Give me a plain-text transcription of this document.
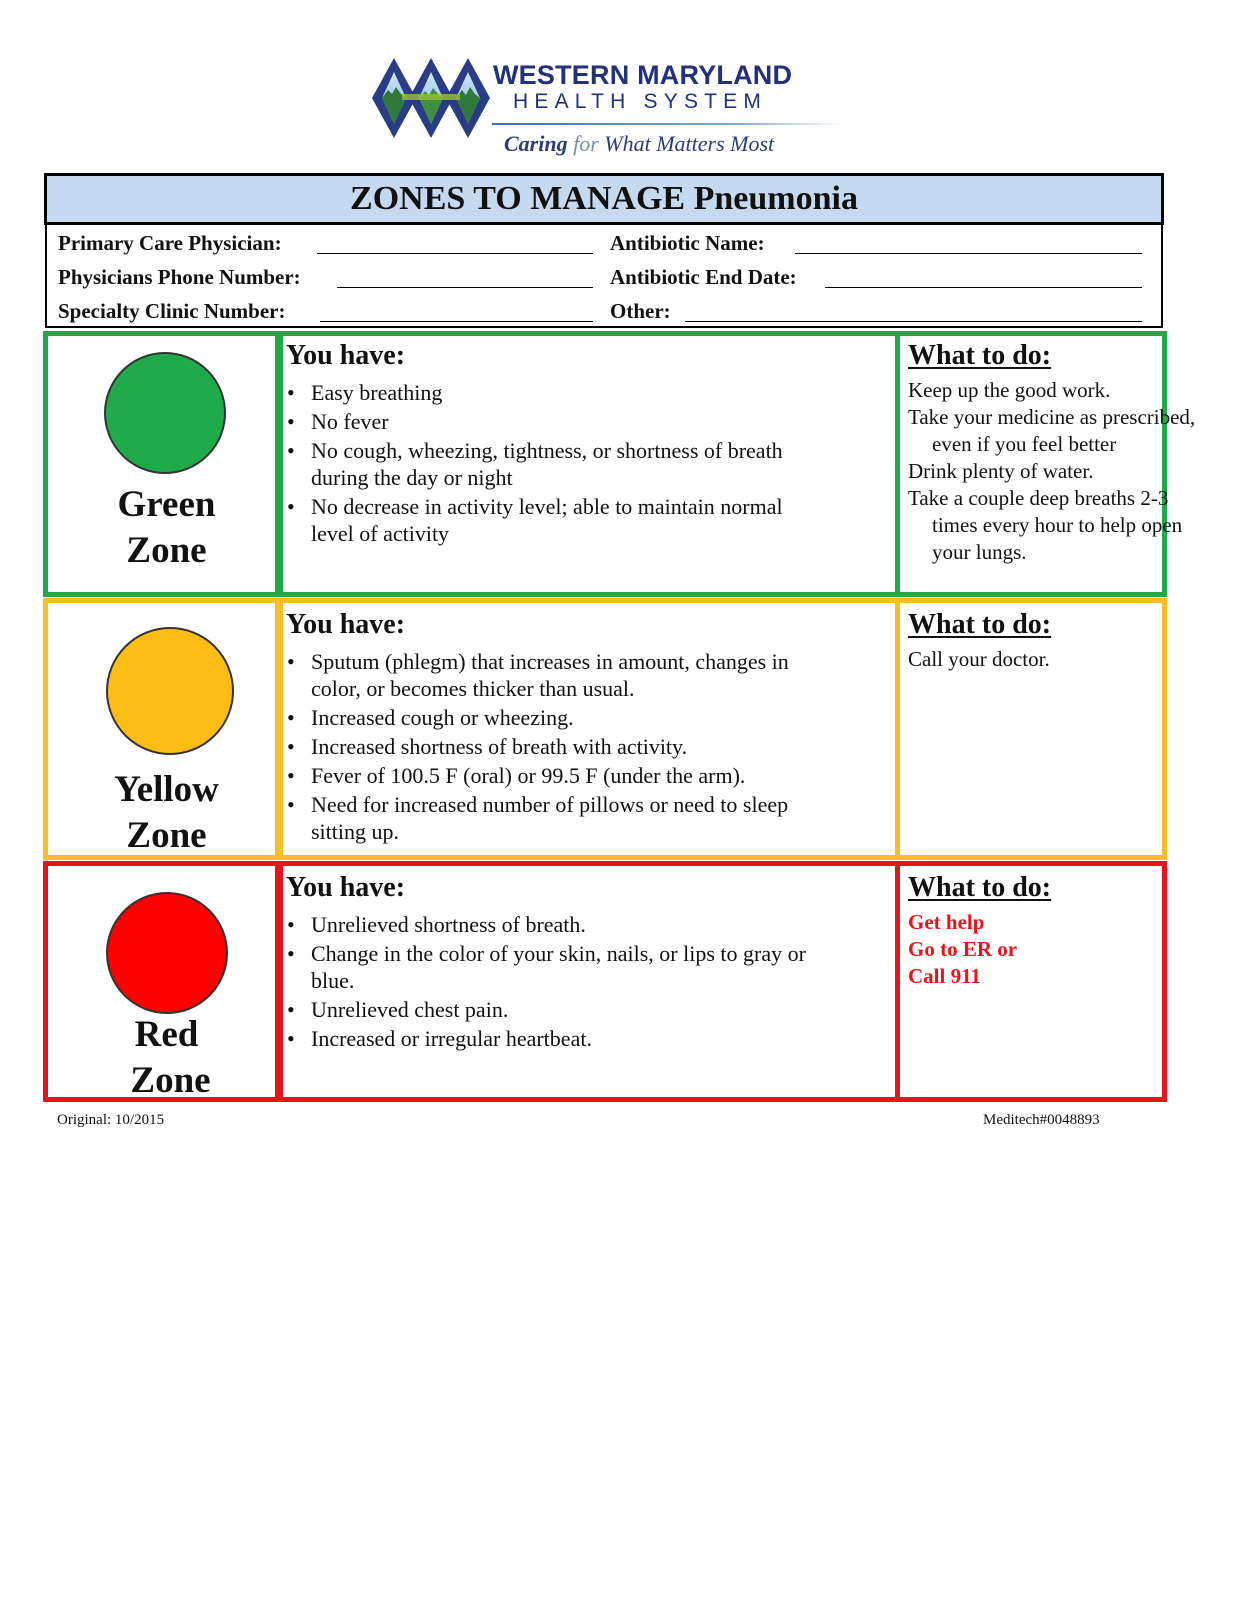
WESTERN MARYLAND
HEALTH SYSTEM
Caring for What Matters Most
ZONES TO MANAGE Pneumonia
Primary Care Physician:
Physicians Phone Number:
Specialty Clinic Number:
Antibiotic Name:
Antibiotic End Date:
Other:
Green
Zone
You have:
• Easy breathing
• No fever
• No cough, wheezing, tightness, or shortness of breath during the day or night
• No decrease in activity level; able to maintain normal level of activity
What to do:
Keep up the good work.
Take your medicine as prescribed, even if you feel better
Drink plenty of water.
Take a couple deep breaths 2-3 times every hour to help open your lungs.
Yellow
Zone
You have:
• Sputum (phlegm) that increases in amount, changes in color, or becomes thicker than usual.
• Increased cough or wheezing.
• Increased shortness of breath with activity.
• Fever of 100.5 F (oral) or 99.5 F (under the arm).
• Need for increased number of pillows or need to sleep sitting up.
What to do:
Call your doctor.
Red
Zone
You have:
• Unrelieved shortness of breath.
• Change in the color of your skin, nails, or lips to gray or blue.
• Unrelieved chest pain.
• Increased or irregular heartbeat.
What to do:
Get help
Go to ER or
Call 911
Original: 10/2015	Meditech#0048893
